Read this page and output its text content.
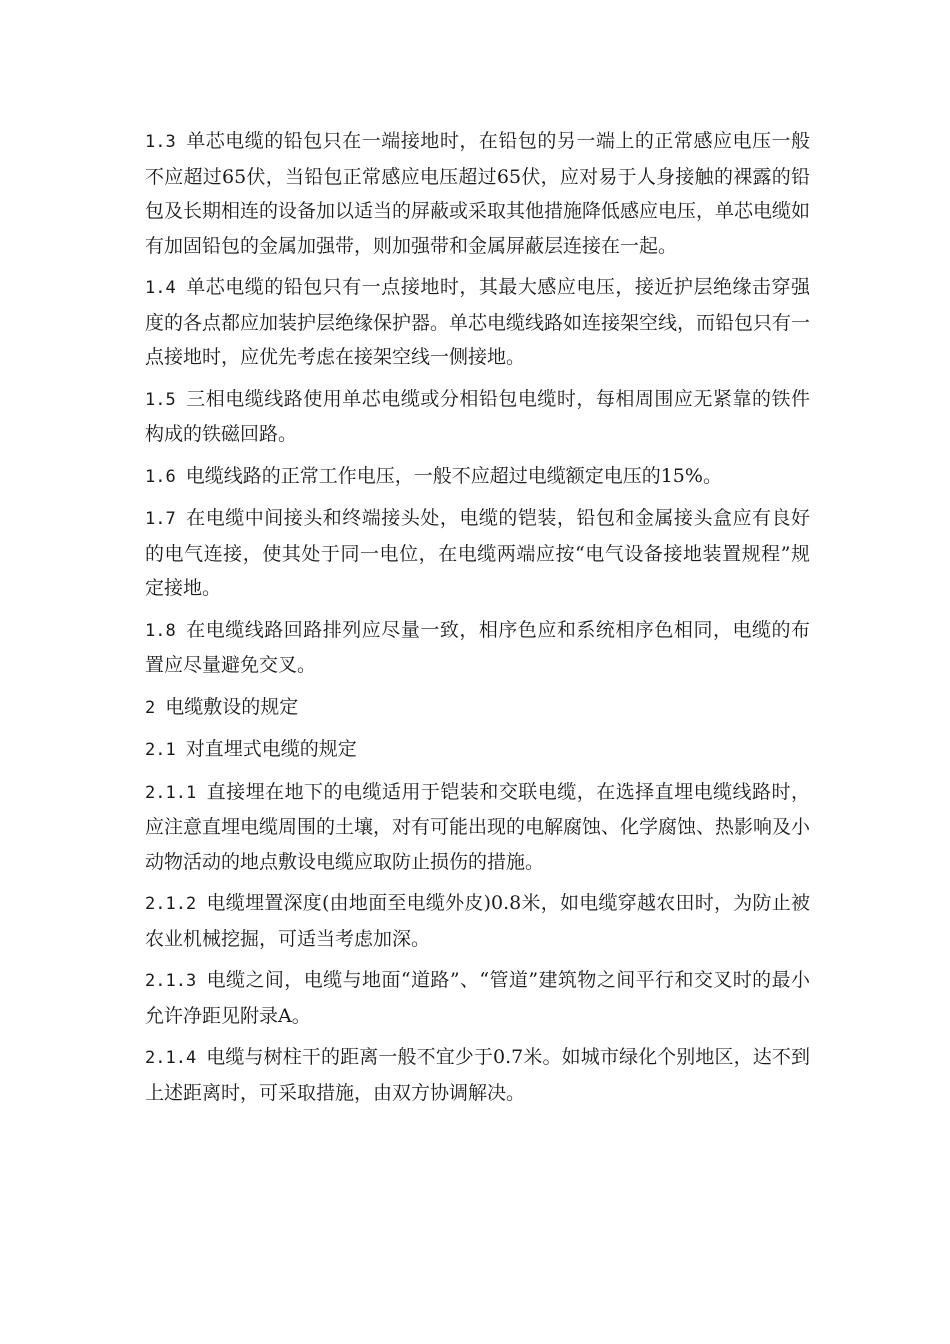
1.3 单芯电缆的铅包只在一端接地时，在铅包的另一端上的正常感应电压一般不应超过65伏，当铅包正常感应电压超过65伏，应对易于人身接触的裸露的铅包及长期相连的设备加以适当的屏蔽或采取其他措施降低感应电压，单芯电缆如有加固铅包的金属加强带，则加强带和金属屏蔽层连接在一起。

1.4 单芯电缆的铅包只有一点接地时，其最大感应电压，接近护层绝缘击穿强度的各点都应加装护层绝缘保护器。单芯电缆线路如连接架空线，而铅包只有一点接地时，应优先考虑在接架空线一侧接地。

1.5 三相电缆线路使用单芯电缆或分相铅包电缆时，每相周围应无紧靠的铁件构成的铁磁回路。

1.6 电缆线路的正常工作电压，一般不应超过电缆额定电压的15%。

1.7 在电缆中间接头和终端接头处，电缆的铠装，铅包和金属接头盒应有良好的电气连接，使其处于同一电位，在电缆两端应按“电气设备接地装置规程”规定接地。

1.8 在电缆线路回路排列应尽量一致，相序色应和系统相序色相同，电缆的布置应尽量避免交叉。

2 电缆敷设的规定

2.1 对直埋式电缆的规定

2.1.1 直接埋在地下的电缆适用于铠装和交联电缆，在选择直埋电缆线路时，应注意直埋电缆周围的土壤，对有可能出现的电解腐蚀、化学腐蚀、热影响及小动物活动的地点敷设电缆应取防止损伤的措施。

2.1.2 电缆埋置深度(由地面至电缆外皮)0.8米，如电缆穿越农田时，为防止被农业机械挖掘，可适当考虑加深。

2.1.3 电缆之间，电缆与地面“道路”、“管道”建筑物之间平行和交叉时的最小允许净距见附录A。

2.1.4 电缆与树柱干的距离一般不宜少于0.7米。如城市绿化个别地区，达不到上述距离时，可采取措施，由双方协调解决。
